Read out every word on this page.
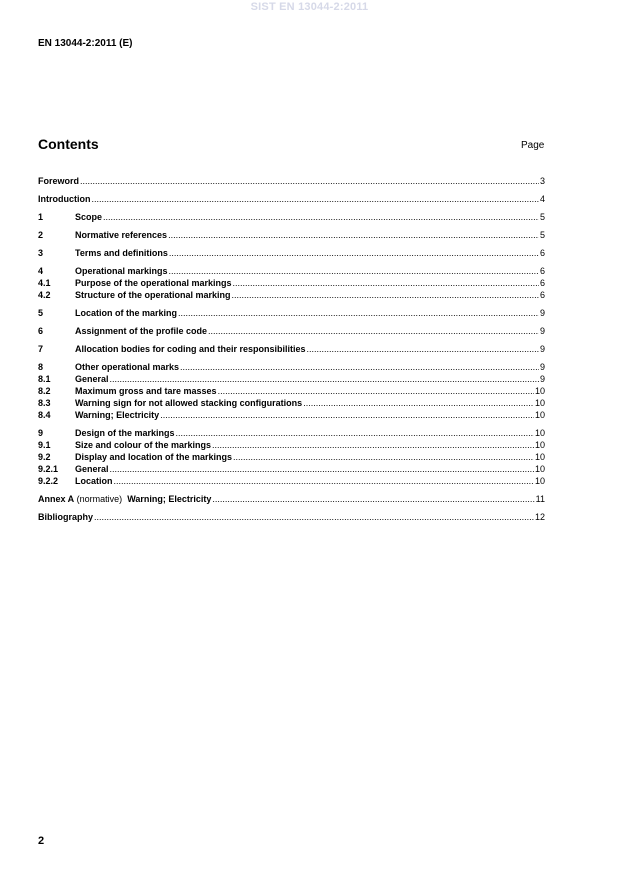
SIST EN 13044-2:2011
EN 13044-2:2011 (E)
Contents	Page
Foreword .....	3
Introduction .....	4
1	Scope .....	5
2	Normative references .....	5
3	Terms and definitions .....	6
4	Operational markings .....	6
4.1	Purpose of the operational markings .....	6
4.2	Structure of the operational marking .....	6
5	Location of the marking .....	9
6	Assignment of the profile code .....	9
7	Allocation bodies for coding and their responsibilities .....	9
8	Other operational marks .....	9
8.1	General .....	9
8.2	Maximum gross and tare masses .....	10
8.3	Warning sign for not allowed stacking configurations .....	10
8.4	Warning; Electricity .....	10
9	Design of the markings .....	10
9.1	Size and colour of the markings .....	10
9.2	Display and location of the markings .....	10
9.2.1	General .....	10
9.2.2	Location .....	10
Annex A (normative)  Warning; Electricity .....	11
Bibliography .....	12
2
